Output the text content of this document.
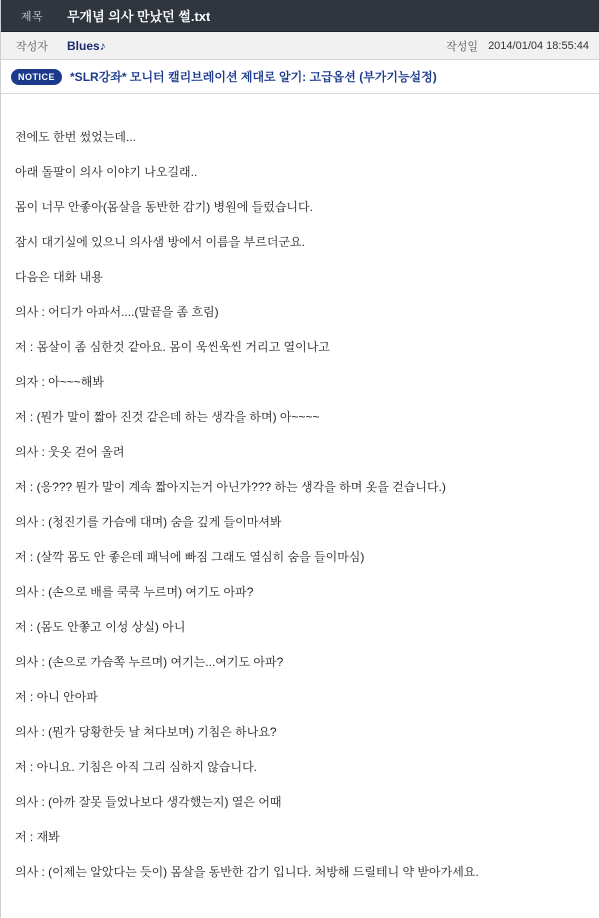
제목	무개념 의사 만났던 썰.txt
작성자	Blues♪	작성일 2014/01/04 18:55:44
NOTICE	*SLR강좌* 모니터 캘리브레이션 제대로 알기: 고급옵션 (부가기능설정)

전에도 한번 썼었는데...

아래 돌팔이 의사 이야기 나오길래..

몸이 너무 안좋아(몸살을 동반한 감기) 병원에 들렀습니다.

잠시 대기실에 있으니 의사샘 방에서 이름을 부르더군요.

다음은 대화 내용

의사 : 어디가 아파서....(말끝을 좀 흐림)

저 : 몸살이 좀 심한것 같아요. 몸이 욱씬욱씬 거리고 열이나고

의자 : 아~~~해봐

저 : (뭔가 말이 짧아 진것 같은데 하는 생각을 하며) 아~~~~

의사 : 웃옷 걷어 올려

저 : (응??? 뭔가 말이 계속 짧아지는거 아닌가??? 하는 생각을 하며 옷을 걷습니다.)

의사 : (청진기를 가슴에 대며) 숨을 깊게 들이마셔봐

저 : (살깍 몸도 안 좋은데 패닉에 빠짐 그래도 열심히 숨을 들이마심)

의사 : (손으로 배를 쿡쿡 누르며) 여기도 아파?

저 : (몸도 안쫗고 이성 상실) 아니

의사 : (손으로 가슴쪽 누르며) 여기는...여기도 아파?

저 : 아니 안아파

의사 : (뭔가 당황한듯 날 쳐다보며) 기침은 하나요?

저 : 아니요. 기침은 아직 그리 심하지 않습니다.

의사 : (아까 잘못 들었나보다 생각했는지) 열은 어때

저 : 재봐

의사 : (이제는 알았다는 듯이) 몸살을 동반한 감기 입니다. 처방해 드릴테니 약 받아가세요.
